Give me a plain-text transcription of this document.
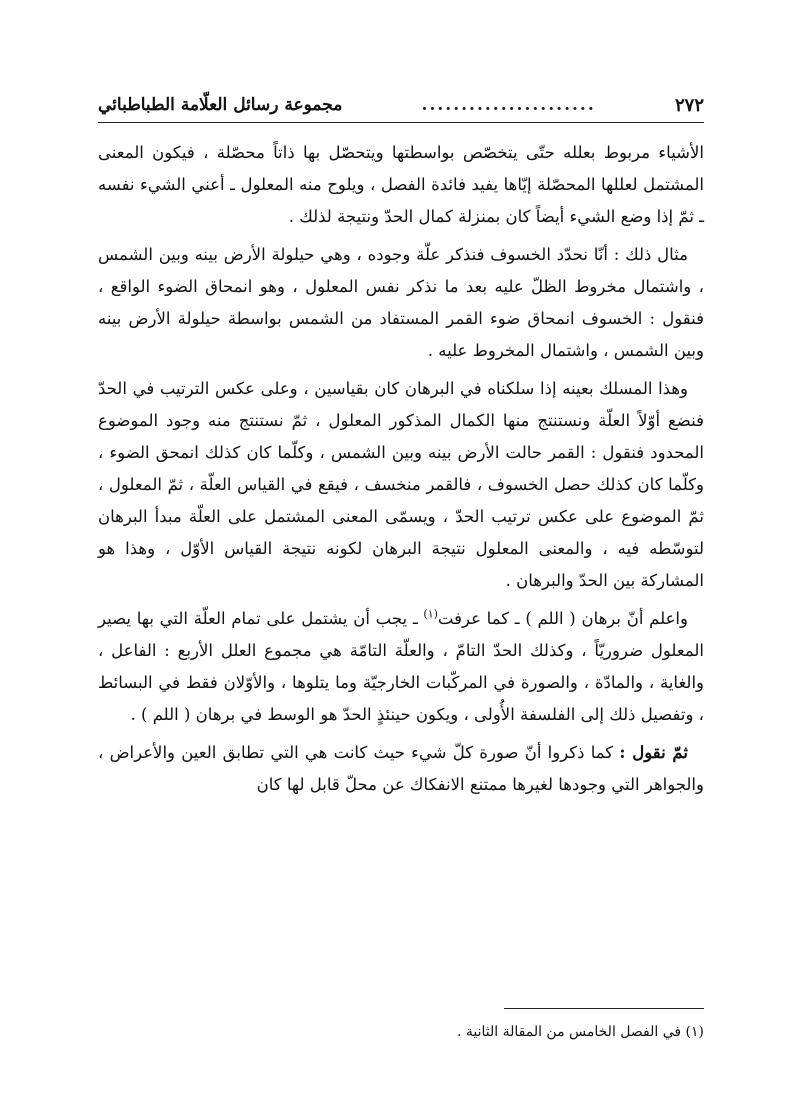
٢٧٢
......................
مجموعة رسائل العلّامة الطباطبائي

الأشياء مربوط بعلله حتّى يتخصّص بواسطتها ويتحصّل بها ذاتاً محصّلة ، فيكون المعنى المشتمل لعللها المحصّلة إيّاها يفيد فائدة الفصل ، ويلوح منه المعلول ـ أعني الشيء نفسه ـ ثمّ إذا وضع الشيء أيضاً كان بمنزلة كمال الحدّ ونتيجة لذلك .

مثال ذلك : أنّا نحدّد الخسوف فنذكر علّة وجوده ، وهي حيلولة الأرض بينه وبين الشمس ، واشتمال مخروط الظلّ عليه بعد ما نذكر نفس المعلول ، وهو انمحاق الضوء الواقع ، فنقول : الخسوف انمحاق ضوء القمر المستفاد من الشمس بواسطة حيلولة الأرض بينه وبين الشمس ، واشتمال المخروط عليه .

وهذا المسلك بعينه إذا سلكناه في البرهان كان بقياسين ، وعلى عكس الترتيب في الحدّ فنضع أوّلاً العلّة ونستنتج منها الكمال المذكور المعلول ، ثمّ نستنتج منه وجود الموضوع المحدود فنقول : القمر حالت الأرض بينه وبين الشمس ، وكلّما كان كذلك انمحق الضوء ، وكلّما كان كذلك حصل الخسوف ، فالقمر منخسف ، فيقع في القياس العلّة ، ثمّ المعلول ، ثمّ الموضوع على عكس ترتيب الحدّ ، ويسمّى المعنى المشتمل على العلّة مبدأ البرهان لتوسّطه فيه ، والمعنى المعلول نتيجة البرهان لكونه نتيجة القياس الأوّل ، وهذا هو المشاركة بين الحدّ والبرهان .

واعلم أنّ برهان ( اللم ) ـ كما عرفت$^{(١)}$ ـ يجب أن يشتمل على تمام العلّة التي بها يصير المعلول ضروريّاً ، وكذلك الحدّ التامّ ، والعلّة التامّة هي مجموع العلل الأربع : الفاعل ، والغاية ، والمادّة ، والصورة في المركّبات الخارجيّة وما يتلوها ، والأوّلان فقط في البسائط ، وتفصيل ذلك إلى الفلسفة الأُولى ، ويكون حينئذٍ الحدّ هو الوسط في برهان ( اللم ) .

ثمّ نقول : كما ذكروا أنّ صورة كلّ شيء حيث كانت هي التي تطابق العين والأعراض ، والجواهر التي وجودها لغيرها ممتنع الانفكاك عن محلّ قابل لها كان

(١) في الفصل الخامس من المقالة الثانية .
